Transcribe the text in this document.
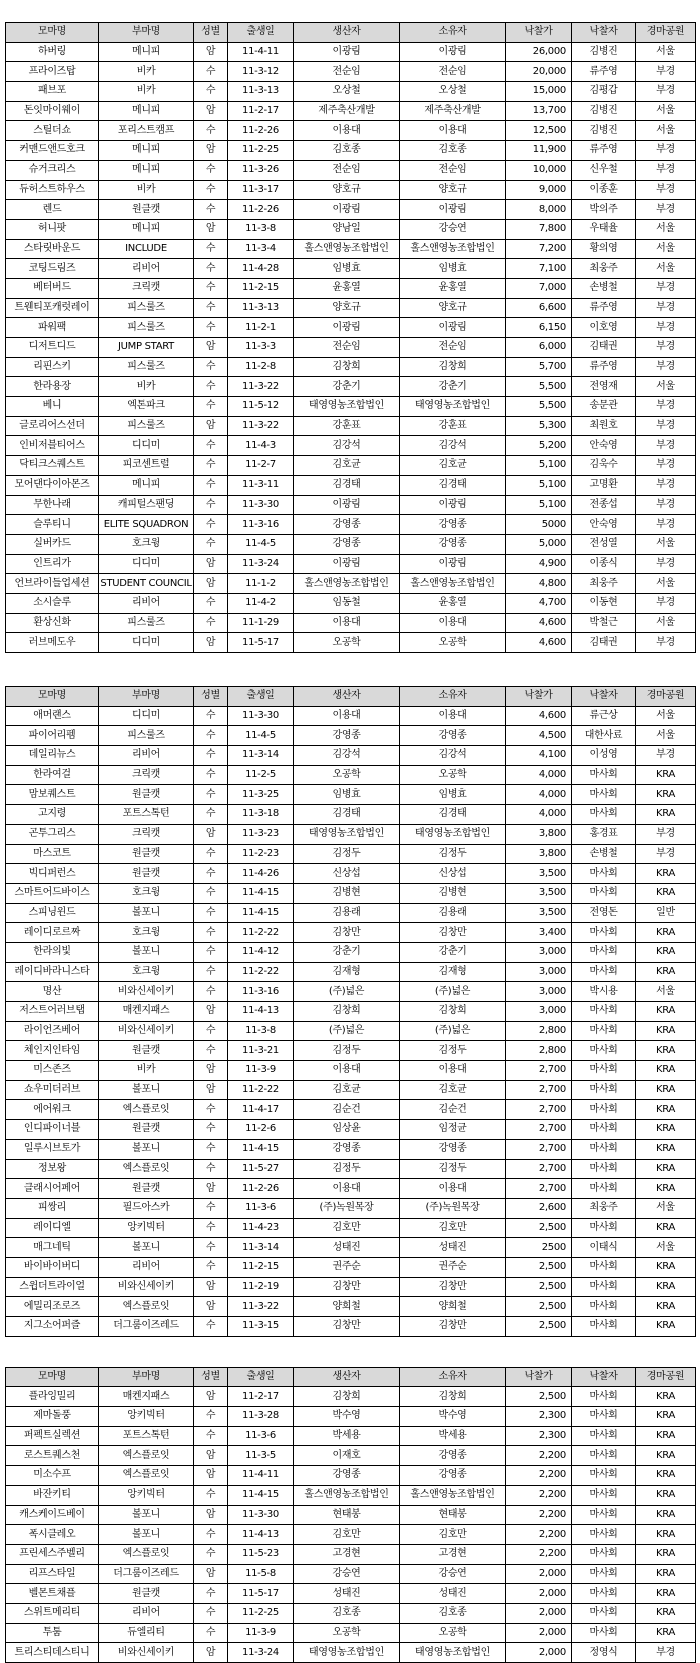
모마명	부마명	성별	출생일	생산자	소유자	낙찰가	낙찰자	경마공원
하버링	메니피	암	11-4-11	이광림	이광림	26,000	김병진	서울
프라이즈탑	비카	수	11-3-12	전순임	전순임	20,000	류주영	부경
패브포	비카	수	11-3-13	오상철	오상철	15,000	김평갑	부경
돈잇마이웨이	메니피	암	11-2-17	제주축산개발	제주축산개발	13,700	김병진	서울
스틸더쇼	포리스트캠프	수	11-2-26	이용대	이용대	12,500	김병진	서울
커맨드앤드호크	메니피	암	11-2-25	김호종	김호종	11,900	류주영	부경
슈거크리스	메니피	수	11-3-26	전순임	전순임	10,000	신우철	부경
듀허스트하우스	비카	수	11-3-17	양호규	양호규	9,000	이종훈	부경
렌드	원클캣	수	11-2-26	이광림	이광림	8,000	박의주	부경
허니팟	메니피	암	11-3-8	양남일	강승연	7,800	우태율	서울
스타릿바운드	INCLUDE	수	11-3-4	홀스앤영농조합법인	홀스앤영농조합법인	7,200	황의영	서울
코팅드림즈	리비어	수	11-4-28	임병효	임병효	7,100	최웅주	서울
베터버드	크릭캣	수	11-2-15	윤홍열	윤홍열	7,000	손병철	부경
트웬티포캐럿레이	피스룰즈	수	11-3-13	양호규	양호규	6,600	류주영	부경
파워팩	피스룰즈	수	11-2-1	이광림	이광림	6,150	이호영	부경
디저트디드	JUMP START	암	11-3-3	전순임	전순임	6,000	김태권	부경
리핀스키	피스룰즈	수	11-2-8	김창희	김창희	5,700	류주영	부경
한라용장	비카	수	11-3-22	강춘기	강춘기	5,500	전영재	서울
베니	엑톤파크	수	11-5-12	태영영농조합법인	태영영농조합법인	5,500	송문관	부경
글로리어스선더	피스룰즈	암	11-3-22	강훈표	강훈표	5,300	최원호	부경
인비저블티어스	디디미	수	11-4-3	김강석	김강석	5,200	안숙영	부경
닥티크스퀘스트	피코센트럴	수	11-2-7	김호균	김호균	5,100	김욱수	부경
모어댄다이아몬즈	메니피	수	11-3-11	김경태	김경태	5,100	고명환	부경
무한나래	캐피털스팬딩	수	11-3-30	이광림	이광림	5,100	전종섭	부경
슬루티니	ELITE SQUADRON	수	11-3-16	강영종	강영종	5000	안숙영	부경
실버카드	호크윙	수	11-4-5	강영종	강영종	5,000	전성열	서울
인트리가	디디미	암	11-3-24	이광림	이광림	4,900	이종식	부경
언브라이들업세션	STUDENT COUNCIL	암	11-1-2	홀스앤영농조합법인	홀스앤영농조합법인	4,800	최웅주	서울
소시슬루	리비어	수	11-4-2	임동철	윤홍열	4,700	이동현	부경
환상신화	피스룰즈	수	11-1-29	이용대	이용대	4,600	박철근	서울
러브메도우	디디미	암	11-5-17	오공학	오공학	4,600	김태권	부경
모마명	부마명	성별	출생일	생산자	소유자	낙찰가	낙찰자	경마공원
애머랜스	디디미	수	11-3-30	이용대	이용대	4,600	류근상	서울
파이어리펨	피스룰즈	수	11-4-5	강영종	강영종	4,500	대한사료	서울
데일리뉴스	리비어	수	11-3-14	김강석	김강석	4,100	이성영	부경
한라여걸	크릭캣	수	11-2-5	오공학	오공학	4,000	마사회	KRA
맘보퀘스트	원클캣	수	11-3-25	임병효	임병효	4,000	마사회	KRA
고지령	포트스톡턴	수	11-3-18	김경태	김경태	4,000	마사회	KRA
곤투그리스	크릭캣	암	11-3-23	태영영농조합법인	태영영농조합법인	3,800	홍경표	부경
마스코트	원클캣	수	11-2-23	김정두	김정두	3,800	손병철	부경
빅디퍼런스	원클캣	수	11-4-26	신상섭	신상섭	3,500	마사회	KRA
스마트어드바이스	호크윙	수	11-4-15	김병현	김병현	3,500	마사회	KRA
스피닝윈드	볼포니	수	11-4-15	김용래	김용래	3,500	전영돈	일반
레이디로르짜	호크윙	수	11-2-22	김창만	김창만	3,400	마사회	KRA
한라의빛	볼포니	수	11-4-12	강춘기	강춘기	3,000	마사회	KRA
레이디바라니스타	호크윙	수	11-2-22	김재형	김재형	3,000	마사회	KRA
명산	비와신세이키	수	11-3-16	(주)넓은	(주)넓은	3,000	박시용	서울
저스트어러브탭	매켄지패스	암	11-4-13	김창희	김창희	3,000	마사회	KRA
라이언즈베어	비와신세이키	수	11-3-8	(주)넓은	(주)넓은	2,800	마사회	KRA
체인지인타임	원클캣	수	11-3-21	김정두	김정두	2,800	마사회	KRA
미스존즈	비카	암	11-3-9	이용대	이용대	2,700	마사회	KRA
쇼우미더러브	볼포니	암	11-2-22	김호균	김호균	2,700	마사회	KRA
에어워크	엑스플로잇	수	11-4-17	김순건	김순건	2,700	마사회	KRA
인디파이너블	원클캣	수	11-2-6	임상윤	임정균	2,700	마사회	KRA
일루시브토가	볼포니	수	11-4-15	강영종	강영종	2,700	마사회	KRA
정보왕	엑스플로잇	수	11-5-27	김정두	김정두	2,700	마사회	KRA
클래시어페어	원클캣	암	11-2-26	이용대	이용대	2,700	마사회	KRA
피쌍리	필드아스카	수	11-3-6	(주)녹원목장	(주)녹원목장	2,600	최웅주	서울
레이디엘	앙키빅터	수	11-4-23	김호만	김호만	2,500	마사회	KRA
매그네틱	볼포니	수	11-3-14	성태진	성태진	2500	이태식	서울
바이바이버디	리비어	수	11-2-15	권주순	권주순	2,500	마사회	KRA
스윕더트라이얼	비와신세이키	암	11-2-19	김창만	김창만	2,500	마사회	KRA
에밀리조로즈	엑스플로잇	암	11-3-22	양희철	양희철	2,500	마사회	KRA
지그소어퍼즐	더그룸이즈레드	수	11-3-15	김창만	김창만	2,500	마사회	KRA
모마명	부마명	성별	출생일	생산자	소유자	낙찰가	낙찰자	경마공원
플라잉밀리	매켄지패스	암	11-2-17	김창희	김창희	2,500	마사회	KRA
제마돌풍	앙키빅터	수	11-3-28	박수영	박수영	2,300	마사회	KRA
퍼펙트실렉션	포트스톡턴	수	11-3-6	박세용	박세용	2,300	마사회	KRA
로스트퀘스천	엑스플로잇	암	11-3-5	이재호	강영종	2,200	마사회	KRA
미소수프	엑스플로잇	암	11-4-11	강영종	강영종	2,200	마사회	KRA
바잔키티	앙키빅터	수	11-4-15	홀스앤영농조합법인	홀스앤영농조합법인	2,200	마사회	KRA
캐스케이드베이	볼포니	암	11-3-30	현태봉	현태봉	2,200	마사회	KRA
폭시클레오	볼포니	수	11-4-13	김호만	김호만	2,200	마사회	KRA
프린세스주벨리	엑스플로잇	수	11-5-23	고경현	고경현	2,200	마사회	KRA
리프스타일	더그룸이즈레드	암	11-5-8	강승연	강승연	2,000	마사회	KRA
벨몬트채플	원클캣	수	11-5-17	성태진	성태진	2,000	마사회	KRA
스위트메리티	리비어	수	11-2-25	김호종	김호종	2,000	마사회	KRA
투툼	듀엘리티	수	11-3-9	오공학	오공학	2,000	마사회	KRA
트리스티데스티니	비와신세이키	암	11-3-24	태영영농조합법인	태영영농조합법인	2,000	정영식	부경
